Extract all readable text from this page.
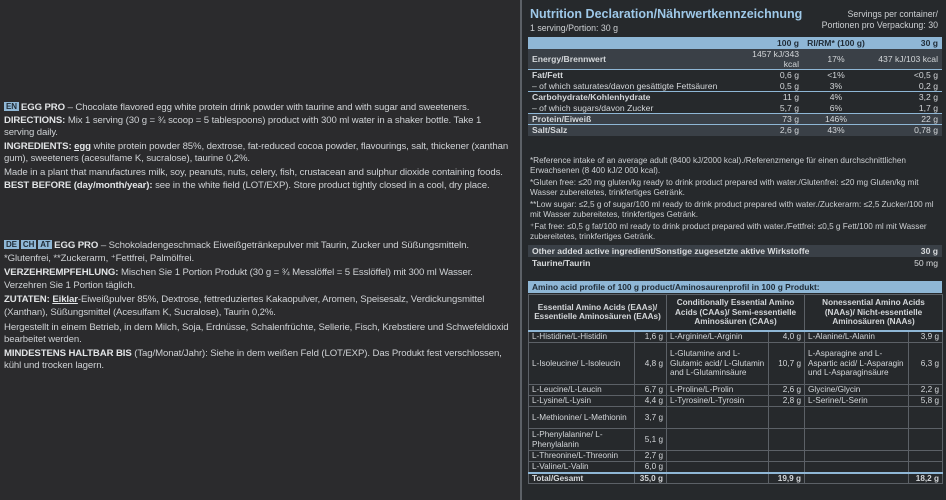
EN EGG PRO – Chocolate flavored egg white protein drink powder with taurine and with sugar and sweeteners.
DIRECTIONS: Mix 1 serving (30 g = ¾ scoop = 5 tablespoons) product with 300 ml water in a shaker bottle. Take 1 serving daily.
INGREDIENTS: egg white protein powder 85%, dextrose, fat-reduced cocoa powder, flavourings, salt, thickener (xanthan gum), sweeteners (acesulfame K, sucralose), taurine 0,2%.
Made in a plant that manufactures milk, soy, peanuts, nuts, celery, fish, crustacean and sulphur dioxide containing foods.
BEST BEFORE (day/month/year): see in the white field (LOT/EXP). Store product tightly closed in a cool, dry place.
DE CH AT EGG PRO – Schokoladengeschmack Eiweißgetränkepulver mit Taurin, Zucker und Süßungsmitteln.
*Glutenfrei, **Zuckerarm, ⁺Fettfrei, Palmölfrei.
VERZEHREMPFEHLUNG: Mischen Sie 1 Portion Produkt (30 g = ¾ Messlöffel = 5 Esslöffel) mit 300 ml Wasser. Verzehren Sie 1 Portion täglich.
ZUTATEN: Eiklar-Eiweißpulver 85%, Dextrose, fettreduziertes Kakaopulver, Aromen, Speisesalz, Verdickungsmittel (Xanthan), Süßungsmittel (Acesulfam K, Sucralose), Taurin 0,2%.
Hergestellt in einem Betrieb, in dem Milch, Soja, Erdnüsse, Schalenfrüchte, Sellerie, Fisch, Krebstiere und Schwefeldioxid bearbeitet werden.
MINDESTENS HALTBAR BIS (Tag/Monat/Jahr): Siehe in dem weißen Feld (LOT/EXP). Das Produkt fest verschlossen, kühl und trocken lagern.
Nutrition Declaration/Nährwertkennzeichnung
1 serving/Portion: 30 g
Servings per container/
Portionen pro Verpackung: 30
	100 g	RI/RM* (100 g)	30 g
Energy/Brennwert	1457 kJ/343 kcal	17%	437 kJ/103 kcal
Fat/Fett	0,6 g	<1%	<0,5 g
– of which saturates/davon gesättigte Fettsäuren	0,5 g	3%	0,2 g
Carbohydrate/Kohlenhydrate	11 g	4%	3,2 g
– of which sugars/davon Zucker	5,7 g	6%	1,7 g
Protein/Eiweiß	73 g	146%	22 g
Salt/Salz	2,6 g	43%	0,78 g
*Reference intake of an average adult (8400 kJ/2000 kcal)./Referenzmenge für einen durchschnittlichen Erwachsenen (8 400 kJ/2 000 kcal).
*Gluten free: ≤20 mg gluten/kg ready to drink product prepared with water./Glutenfrei: ≤20 mg Gluten/kg mit Wasser zubereitetes, trinkfertiges Getränk.
**Low sugar: ≤2,5 g of sugar/100 ml ready to drink product prepared with water./Zuckerarm: ≤2,5 Zucker/100 ml mit Wasser zubereitetes, trinkfertiges Getränk.
⁺Fat free: ≤0,5 g fat/100 ml ready to drink product prepared with water./Fettfrei: ≤0,5 g Fett/100 ml mit Wasser zubereitetes, trinkfertiges Getränk.
Other added active ingredient/Sonstige zugesetzte aktive Wirkstoffe	30 g
Taurine/Taurin	50 mg
Amino acid profile of 100 g product/Aminosaurenprofil in 100 g Produkt:
Essential Amino Acids (EAAs)/ Essentielle Aminosäuren (EAAs)		Conditionally Essential Amino Acids (CAAs)/ Semi-essentielle Aminosäuren (CAAs)		Nonessential Amino Acids (NAAs)/ Nicht-essentielle Aminosäuren (NAAs)	
L-Histidine/L-Histidin	1,6 g	L-Arginine/L-Arginin	4,0 g	L-Alanine/L-Alanin	3,9 g
L-Isoleucine/ L-Isoleucin	4,8 g	L-Glutamine and L-Glutamic acid/ L-Glutamin and L-Glutaminsäure	10,7 g	L-Asparagine and L-Aspartic acid/ L-Asparagin und L-Asparaginsäure	6,3 g
L-Leucine/L-Leucin	6,7 g	L-Proline/L-Prolin	2,6 g	Glycine/Glycin	2,2 g
L-Lysine/L-Lysin	4,4 g	L-Tyrosine/L-Tyrosin	2,8 g	L-Serine/L-Serin	5,8 g
L-Methionine/ L-Methionin	3,7 g				
L-Phenylalanine/ L-Phenylalanin	5,1 g				
L-Threonine/L-Threonin	2,7 g				
L-Valine/L-Valin	6,0 g				
Total/Gesamt	35,0 g		19,9 g		18,2 g
